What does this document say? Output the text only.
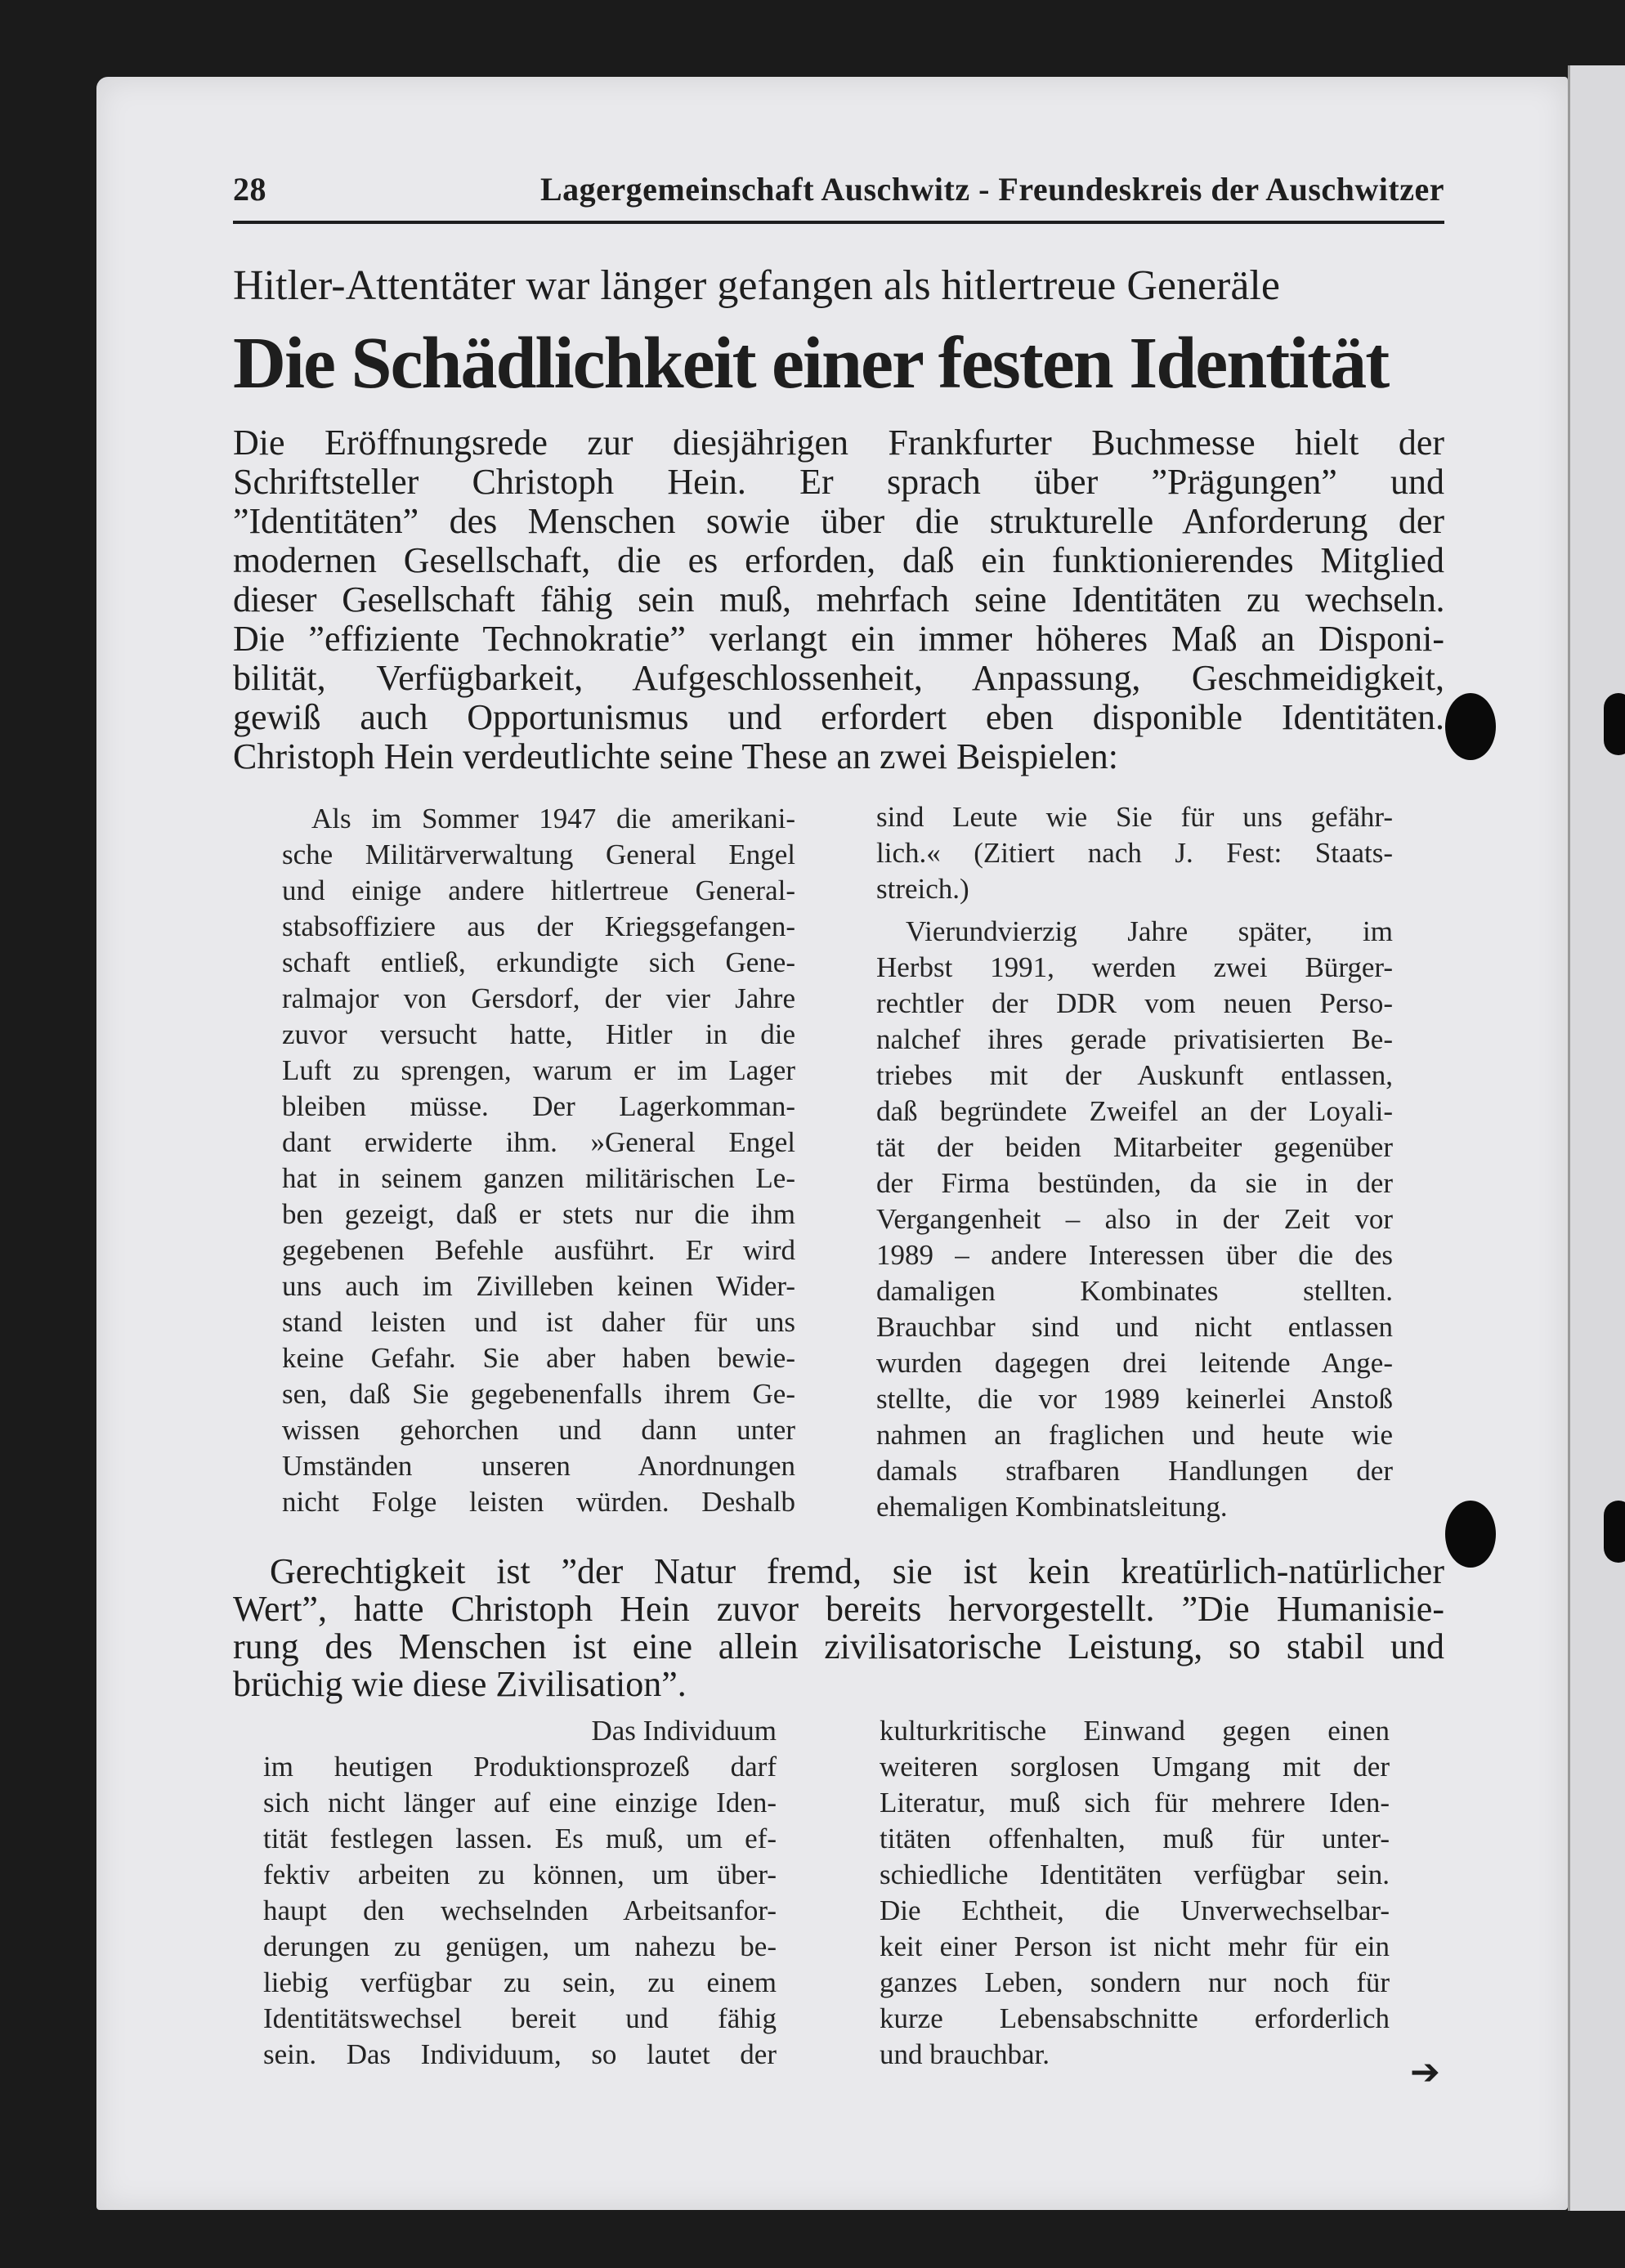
28	Lagergemeinschaft Auschwitz - Freundeskreis der Auschwitzer
Hitler-Attentäter war länger gefangen als hitlertreue Generäle
Die Schädlichkeit einer festen Identität

Die Eröffnungsrede zur diesjährigen Frankfurter Buchmesse hielt der

Schriftsteller Christoph Hein. Er sprach über ”Prägungen” und

”Identitäten” des Menschen sowie über die strukturelle Anforderung der

modernen Gesellschaft, die es erforden, daß ein funktionierendes Mitglied

dieser Gesellschaft fähig sein muß, mehrfach seine Identitäten zu wechseln.

Die ”effiziente Technokratie” verlangt ein immer höheres Maß an Disponi-

bilität, Verfügbarkeit, Aufgeschlossenheit, Anpassung, Geschmeidigkeit,

gewiß auch Opportunismus und erfordert eben disponible Identitäten.

Christoph Hein verdeutlichte seine These an zwei Beispielen:

Als im Sommer 1947 die amerikani-

sche Militärverwaltung General Engel

und einige andere hitlertreue General-

stabsoffiziere aus der Kriegsgefangen-

schaft entließ, erkundigte sich Gene-

ralmajor von Gersdorf, der vier Jahre

zuvor versucht hatte, Hitler in die

Luft zu sprengen, warum er im Lager

bleiben müsse. Der Lagerkomman-

dant erwiderte ihm. »General Engel

hat in seinem ganzen militärischen Le-

ben gezeigt, daß er stets nur die ihm

gegebenen Befehle ausführt. Er wird

uns auch im Zivilleben keinen Wider-

stand leisten und ist daher für uns

keine Gefahr. Sie aber haben bewie-

sen, daß Sie gegebenenfalls ihrem Ge-

wissen gehorchen und dann unter

Umständen unseren Anordnungen

nicht Folge leisten würden. Deshalb

sind Leute wie Sie für uns gefähr-

lich.« (Zitiert nach J. Fest: Staats-

streich.)

Vierundvierzig Jahre später, im

Herbst 1991, werden zwei Bürger-

rechtler der DDR vom neuen Perso-

nalchef ihres gerade privatisierten Be-

triebes mit der Auskunft entlassen,

daß begründete Zweifel an der Loyali-

tät der beiden Mitarbeiter gegenüber

der Firma bestünden, da sie in der

Vergangenheit – also in der Zeit vor

1989 – andere Interessen über die des

damaligen Kombinates stellten.

Brauchbar sind und nicht entlassen

wurden dagegen drei leitende Ange-

stellte, die vor 1989 keinerlei Anstoß

nahmen an fraglichen und heute wie

damals strafbaren Handlungen der

ehemaligen Kombinatsleitung.

Gerechtigkeit ist ”der Natur fremd, sie ist kein kreatürlich-natürlicher

Wert”, hatte Christoph Hein zuvor bereits hervorgestellt. ”Die Humanisie-

rung des Menschen ist eine allein zivilisatorische Leistung, so stabil und

brüchig wie diese Zivilisation”.

Das Individuum

im heutigen Produktionsprozeß darf

sich nicht länger auf eine einzige Iden-

tität festlegen lassen. Es muß, um ef-

fektiv arbeiten zu können, um über-

haupt den wechselnden Arbeitsanfor-

derungen zu genügen, um nahezu be-

liebig verfügbar zu sein, zu einem

Identitätswechsel bereit und fähig

sein. Das Individuum, so lautet der

kulturkritische Einwand gegen einen

weiteren sorglosen Umgang mit der

Literatur, muß sich für mehrere Iden-

titäten offenhalten, muß für unter-

schiedliche Identitäten verfügbar sein.

Die Echtheit, die Unverwechselbar-

keit einer Person ist nicht mehr für ein

ganzes Leben, sondern nur noch für

kurze Lebensabschnitte erforderlich

und brauchbar.	➔
